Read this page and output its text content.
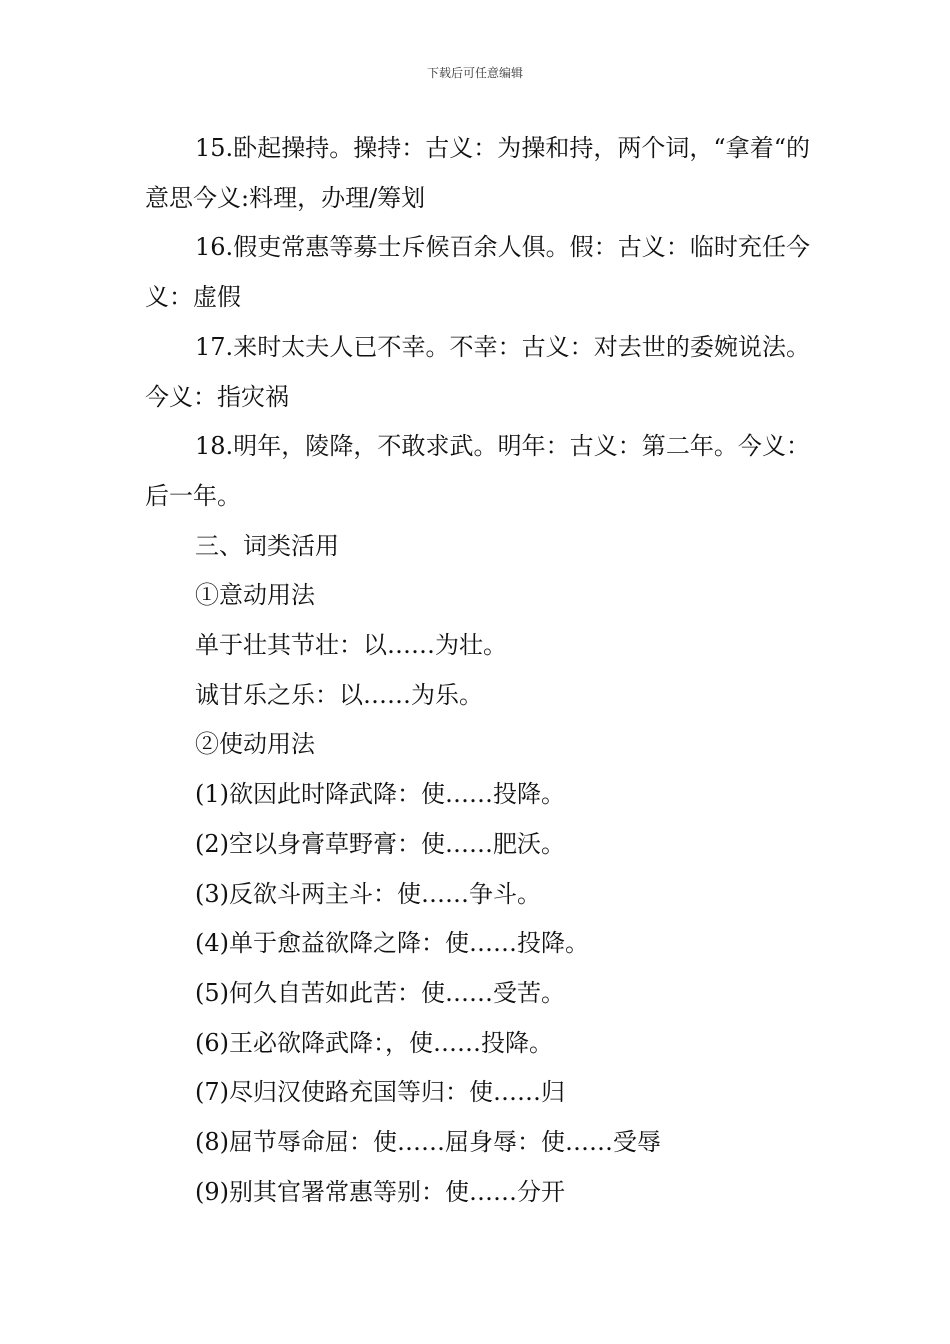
下载后可任意编辑

15.卧起操持。操持：古义：为操和持，两个词，“拿着“的意思今义:料理，办理/筹划

16.假吏常惠等募士斥候百余人俱。假：古义：临时充任今义：虚假

17.来时太夫人已不幸。不幸：古义：对去世的委婉说法。今义：指灾祸

18.明年，陵降，不敢求武。明年：古义：第二年。今义：后一年。

三、词类活用

①意动用法

单于壮其节壮：以……为壮。

诚甘乐之乐：以……为乐。

②使动用法

(1)欲因此时降武降：使……投降。

(2)空以身膏草野膏：使……肥沃。

(3)反欲斗两主斗：使……争斗。

(4)单于愈益欲降之降：使……投降。

(5)何久自苦如此苦：使……受苦。

(6)王必欲降武降：，使……投降。

(7)尽归汉使路充国等归：使……归

(8)屈节辱命屈：使……屈身辱：使……受辱

(9)别其官署常惠等别：使……分开
